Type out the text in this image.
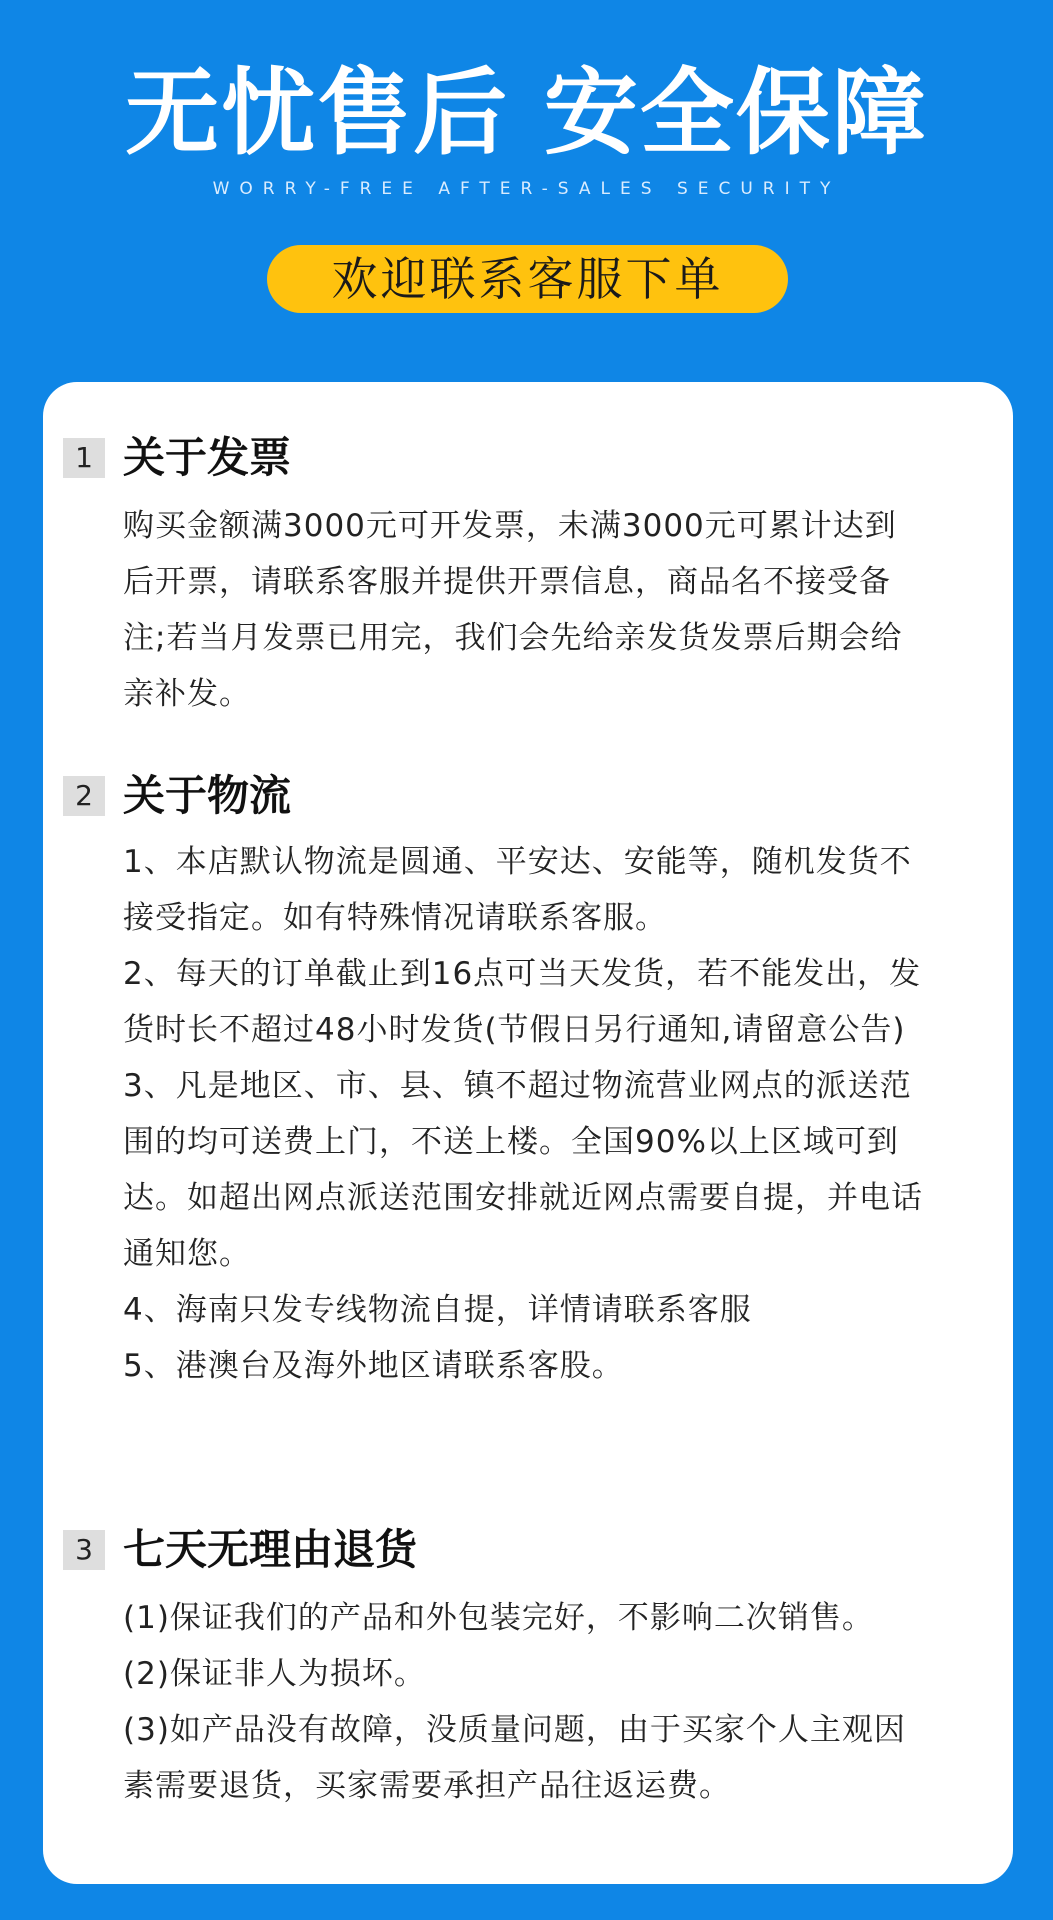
无忧售后 安全保障

WORRY-FREE AFTER-SALES SECURITY

欢迎联系客服下单
1 关于发票

购买金额满3000元可开发票，未满3000元可累计达到后开票，请联系客服并提供开票信息，商品名不接受备注;若当月发票已用完，我们会先给亲发货发票后期会给亲补发。

2 关于物流

1、本店默认物流是圆通、平安达、安能等，随机发货不接受指定。如有特殊情况请联系客服。

2、每天的订单截止到16点可当天发货，若不能发出，发货时长不超过48小时发货(节假日另行通知,请留意公告)

3、凡是地区、市、县、镇不超过物流营业网点的派送范围的均可送费上门，不送上楼。全国90%以上区域可到达。如超出网点派送范围安排就近网点需要自提，并电话通知您。

4、海南只发专线物流自提，详情请联系客服

5、港澳台及海外地区请联系客股。

3 七天无理由退货

(1)保证我们的产品和外包装完好，不影响二次销售。

(2)保证非人为损坏。

(3)如产品没有故障，没质量问题，由于买家个人主观因素需要退货，买家需要承担产品往返运费。
